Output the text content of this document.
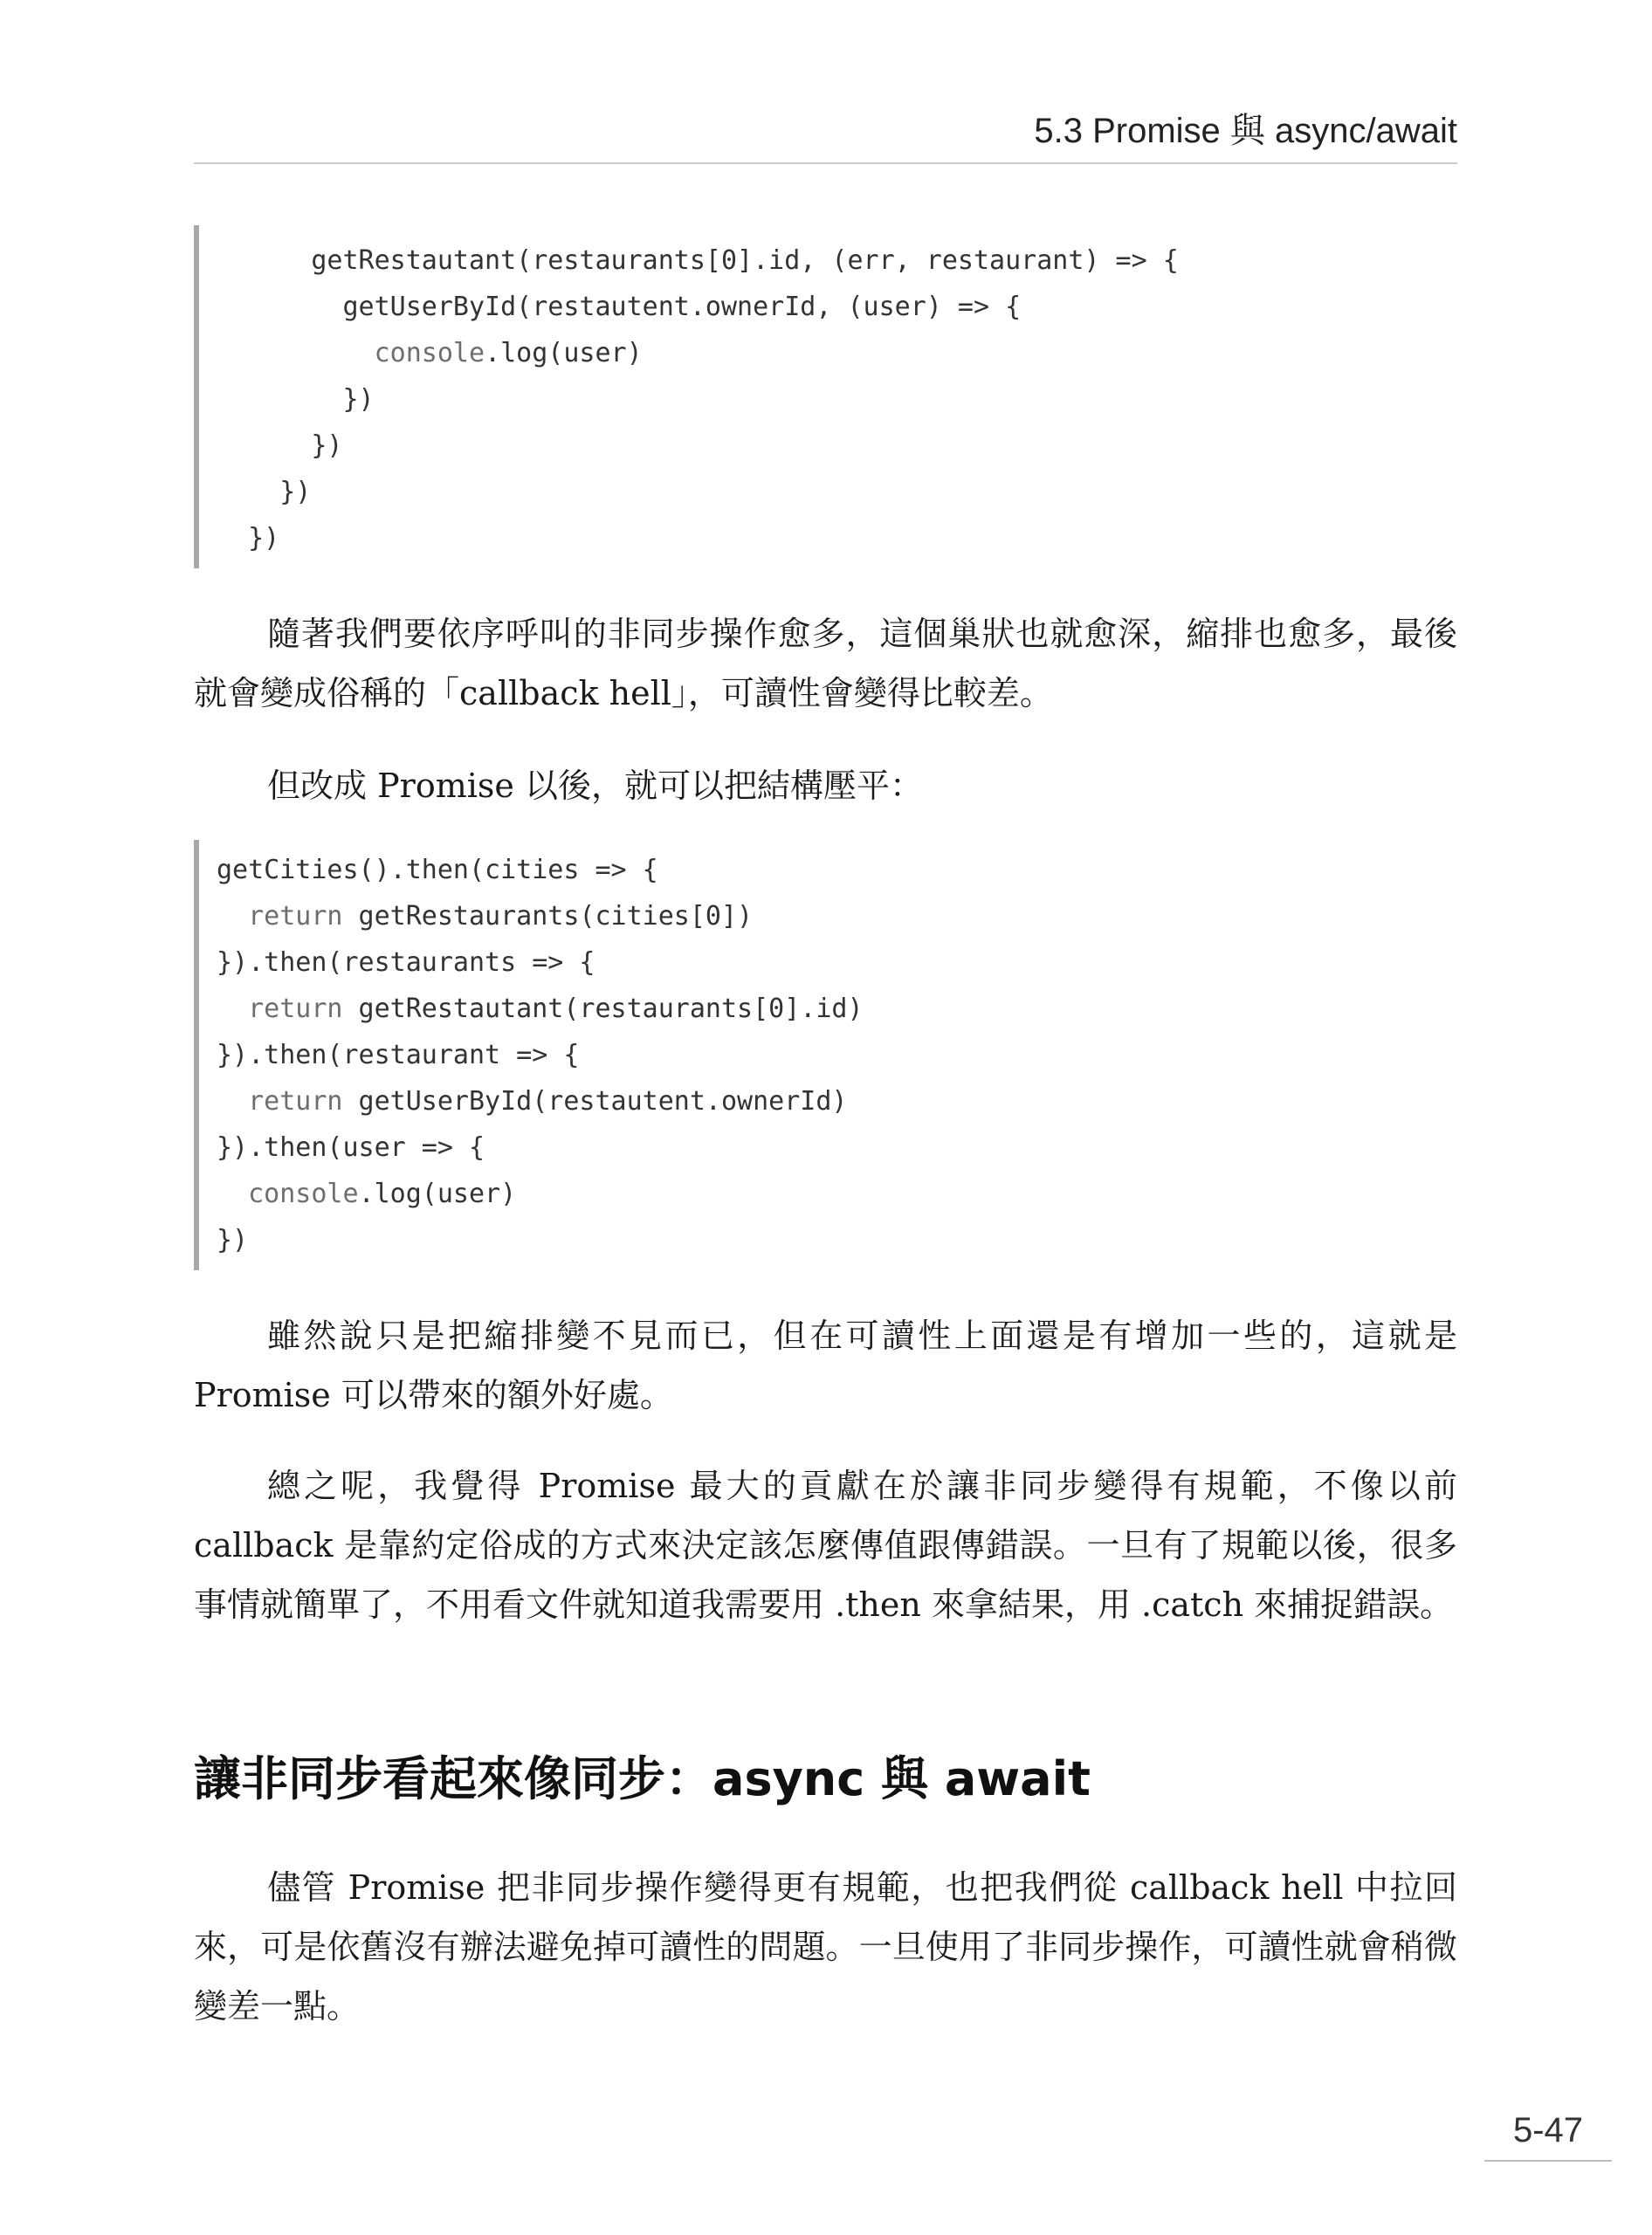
5.3 Promise 與 async/await
getRestautant(restaurants[0].id, (err, restaurant) => {
getUserById(restautent.ownerId, (user) => {
console.log(user)
})
})
})
})

隨著我們要依序呼叫的非同步操作愈多，這個巢狀也就愈深，縮排也愈多，最後就會變成俗稱的「callback hell」，可讀性會變得比較差。

但改成 Promise 以後，就可以把結構壓平：

getCities().then(cities => {
return getRestaurants(cities[0])
}).then(restaurants => {
return getRestautant(restaurants[0].id)
}).then(restaurant => {
return getUserById(restautent.ownerId)
}).then(user => {
console.log(user)
})

雖然說只是把縮排變不見而已，但在可讀性上面還是有增加一些的，這就是 Promise 可以帶來的額外好處。

總之呢，我覺得 Promise 最大的貢獻在於讓非同步變得有規範，不像以前 callback 是靠約定俗成的方式來決定該怎麼傳值跟傳錯誤。一旦有了規範以後，很多事情就簡單了，不用看文件就知道我需要用 .then 來拿結果，用 .catch 來捕捉錯誤。

讓非同步看起來像同步：async 與 await

儘管 Promise 把非同步操作變得更有規範，也把我們從 callback hell 中拉回來，可是依舊沒有辦法避免掉可讀性的問題。一旦使用了非同步操作，可讀性就會稍微變差一點。

5-47
